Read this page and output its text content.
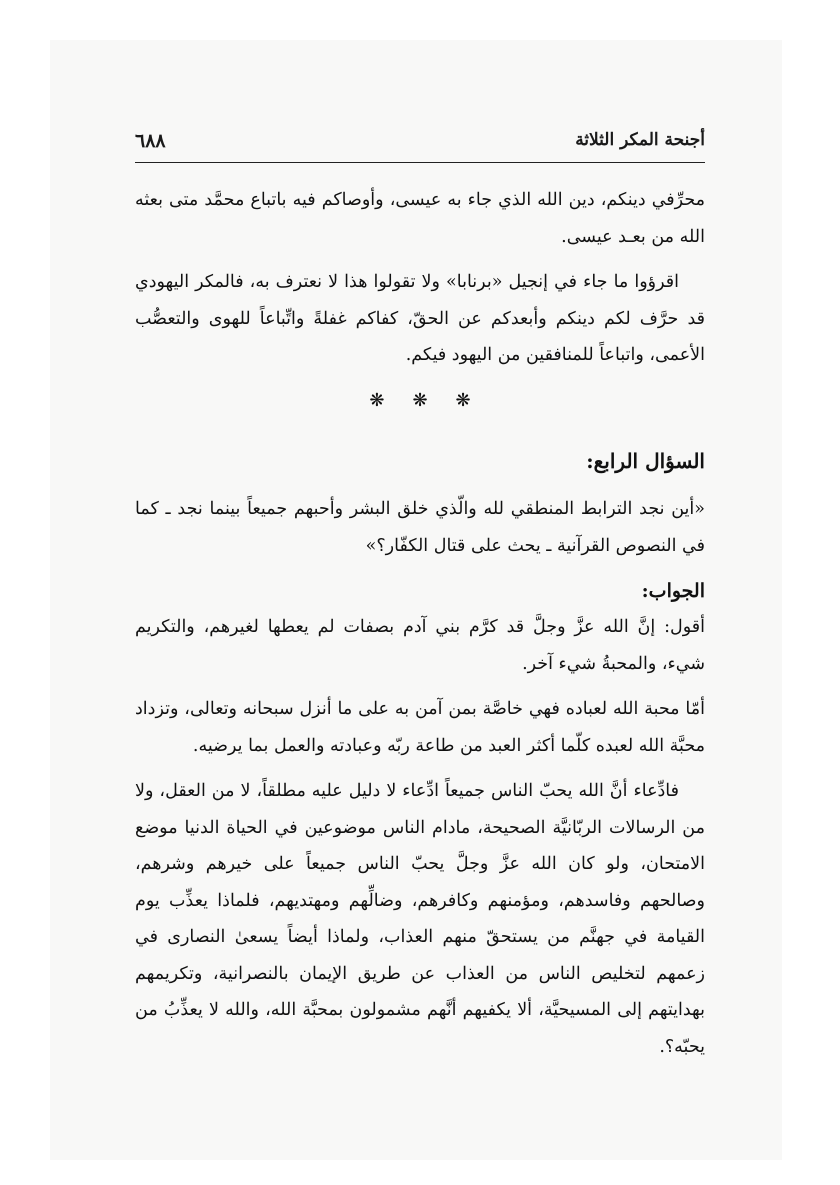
٦٨٨	أجنحة المكر الثلاثة

محرِّفي دينكم، دين الله الذي جاء به عيسى، وأوصاكم فيه باتباع محمَّد متى بعثه الله من بعـد عيسى.

اقرؤوا ما جاء في إنجيل «برنابا» ولا تقولوا هذا لا نعترف به، فالمكر اليهودي قد حرَّف لكم دينكم وأبعدكم عن الحقّ، كفاكم غفلةً واتِّباعاً للهوى والتعصُّب الأعمى، واتباعاً للمنافقين من اليهود فيكم.

❋ ❋ ❋
السؤال الرابع:

«أين نجد الترابط المنطقي لله والّذي خلق البشر وأحبهم جميعاً بينما نجد ـ كما في النصوص القرآنية ـ يحث على قتال الكفّار؟»

الجواب:

أقول: إنَّ الله عزَّ وجلَّ قد كرَّم بني آدم بصفات لم يعطها لغيرهم، والتكريم شيء، والمحبةُ شيء آخر.

أمّا محبة الله لعباده فهي خاصَّة بمن آمن به على ما أنزل سبحانه وتعالى، وتزداد محبَّة الله لعبده كلّما أكثر العبد من طاعة ربّه وعبادته والعمل بما يرضيه.

فادِّعاء أنَّ الله يحبّ الناس جميعاً ادِّعاء لا دليل عليه مطلقاً، لا من العقل، ولا من الرسالات الربّانيَّة الصحيحة، مادام الناس موضوعين في الحياة الدنيا موضع الامتحان، ولو كان الله عزَّ وجلَّ يحبّ الناس جميعاً على خيرهم وشرهم، وصالحهم وفاسدهم، ومؤمنهم وكافرهم، وضالِّهم ومهتديهم، فلماذا يعذِّب يوم القيامة في جهنَّم من يستحقّ منهم العذاب، ولماذا أيضاً يسعىٰ النصارى في زعمهم لتخليص الناس من العذاب عن طريق الإيمان بالنصرانية، وتكريمهم بهدايتهم إلى المسيحيَّة، ألا يكفيهم أنَّهم مشمولون بمحبَّة الله، والله لا يعذِّبُ من يحبّه؟.
